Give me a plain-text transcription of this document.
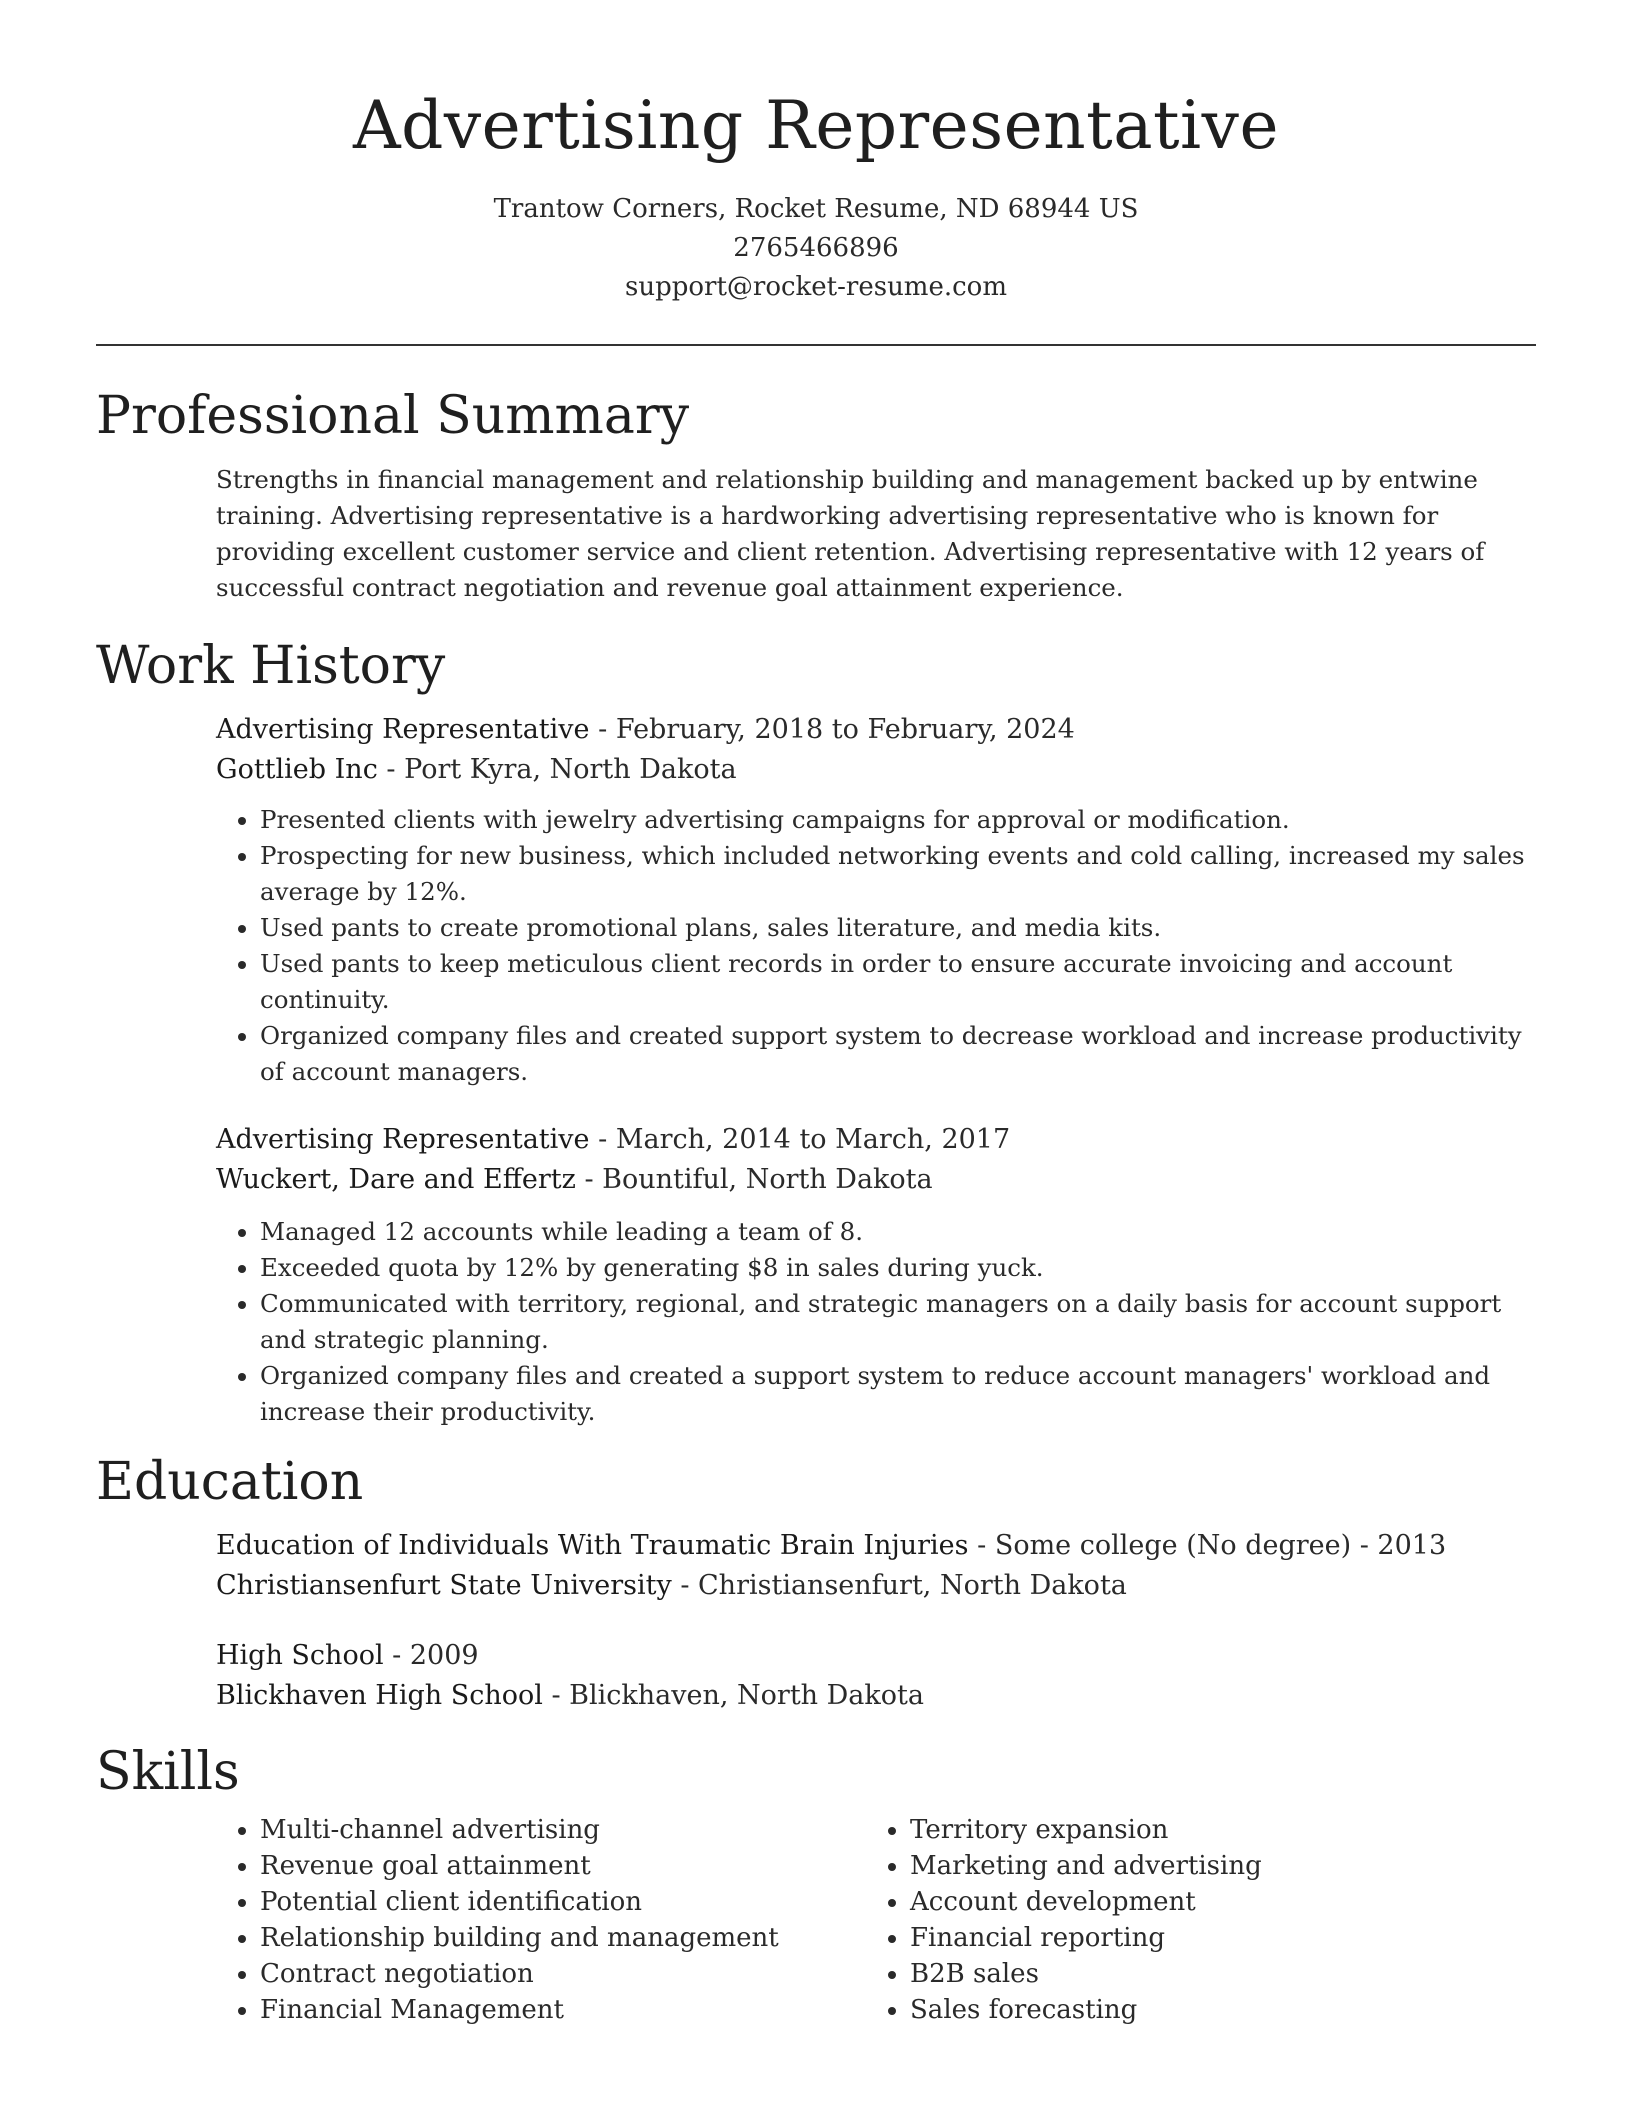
Advertising Representative
Trantow Corners, Rocket Resume, ND 68944 US
2765466896
support@rocket-resume.com
Professional Summary

Strengths in financial management and relationship building and management backed up by entwine training. Advertising representative is a hardworking advertising representative who is known for providing excellent customer service and client retention. Advertising representative with 12 years of successful contract negotiation and revenue goal attainment experience.

Work History
Advertising Representative - February, 2018 to February, 2024
Gottlieb Inc - Port Kyra, North Dakota
• Presented clients with jewelry advertising campaigns for approval or modification.
• Prospecting for new business, which included networking events and cold calling, increased my sales average by 12%.
• Used pants to create promotional plans, sales literature, and media kits.
• Used pants to keep meticulous client records in order to ensure accurate invoicing and account continuity.
• Organized company files and created support system to decrease workload and increase productivity of account managers.
Advertising Representative - March, 2014 to March, 2017
Wuckert, Dare and Effertz - Bountiful, North Dakota
• Managed 12 accounts while leading a team of 8.
• Exceeded quota by 12% by generating $8 in sales during yuck.
• Communicated with territory, regional, and strategic managers on a daily basis for account support and strategic planning.
• Organized company files and created a support system to reduce account managers' workload and increase their productivity.
Education
Education of Individuals With Traumatic Brain Injuries - Some college (No degree) - 2013
Christiansenfurt State University - Christiansenfurt, North Dakota
High School - 2009
Blickhaven High School - Blickhaven, North Dakota
Skills
• Multi-channel advertising
• Revenue goal attainment
• Potential client identification
• Relationship building and management
• Contract negotiation
• Financial Management
• Territory expansion
• Marketing and advertising
• Account development
• Financial reporting
• B2B sales
• Sales forecasting
